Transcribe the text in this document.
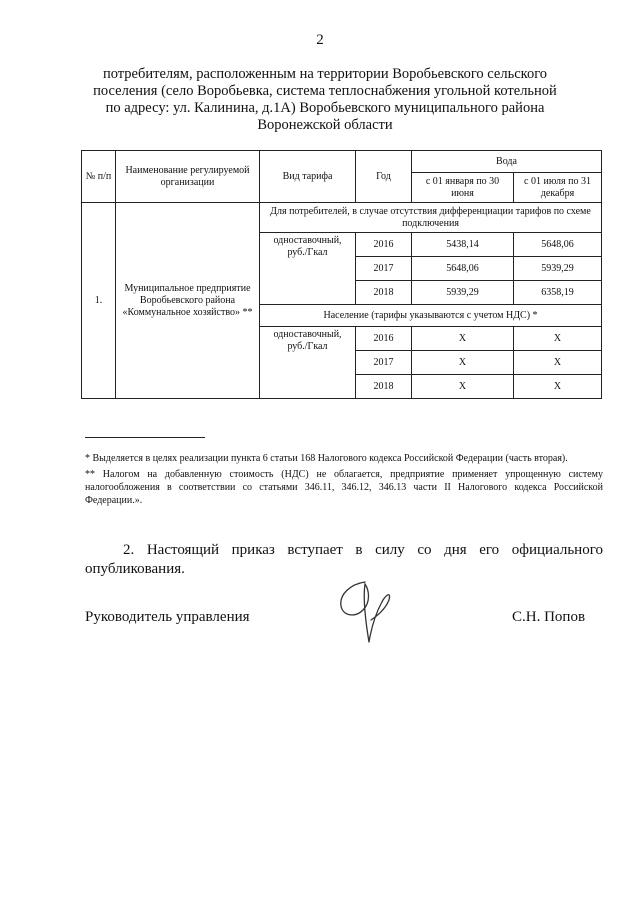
2
потребителям, расположенным на территории Воробьевского сельского поселения (село Воробьевка, система теплоснабжения угольной котельной по адресу: ул. Калинина, д.1А) Воробьевского муниципального района Воронежской области
№ п/п	Наименование регулируемой организации	Вид тарифа	Год	Вода	
				с 01 января по 30 июня	с 01 июля по 31 декабря
1.	Муниципальное предприятие Воробьевского района «Коммунальное хозяйство» **	Для потребителей, в случае отсутствия дифференциации тарифов по схеме подключения			
		одноставочный, руб./Гкал	2016	5438,14	5648,06
			2017	5648,06	5939,29
			2018	5939,29	6358,19
		Население (тарифы указываются с учетом НДС) *			
		одноставочный, руб./Гкал	2016	Х	Х
			2017	Х	Х
			2018	Х	Х

* Выделяется в целях реализации пункта 6 статьи 168 Налогового кодекса Российской Федерации (часть вторая).

** Налогом на добавленную стоимость (НДС) не облагается, предприятие применяет упрощенную систему налогообложения в соответствии со статьями 346.11, 346.12, 346.13 части II Налогового кодекса Российской Федерации.».

2. Настоящий приказ вступает в силу со дня его официального опубликования.
Руководитель управления	С.Н. Попов
